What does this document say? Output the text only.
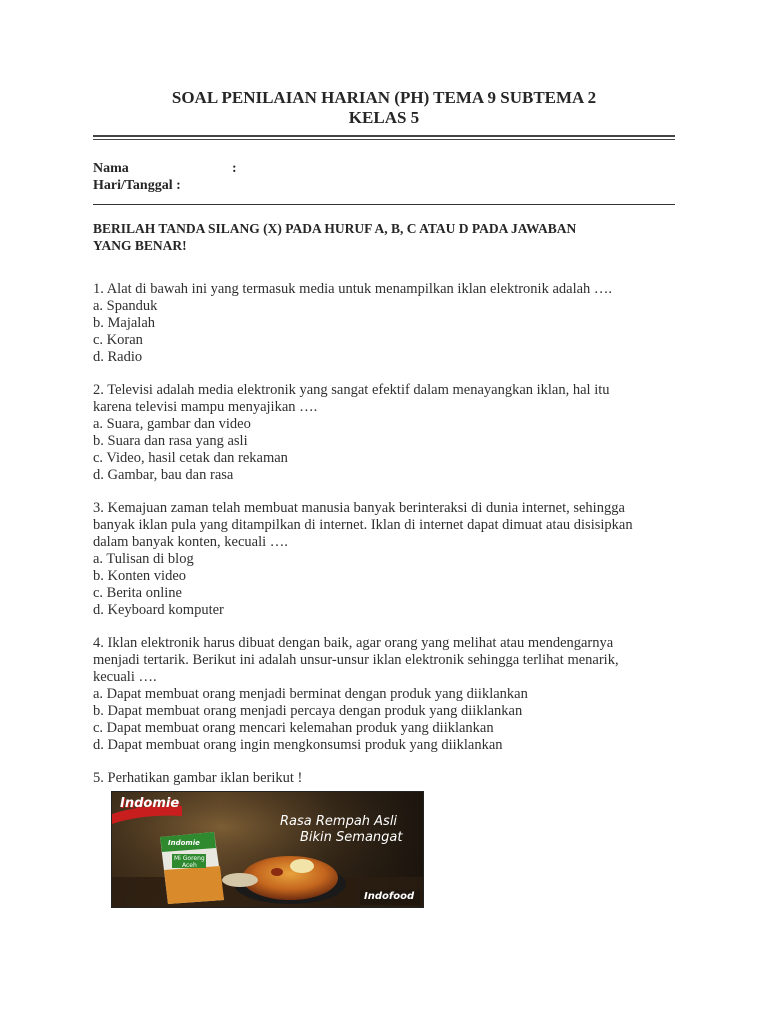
SOAL PENILAIAN HARIAN (PH) TEMA 9 SUBTEMA 2
KELAS 5
Nama	:
Hari/Tanggal :
BERILAH TANDA SILANG (X) PADA HURUF A, B, C ATAU D PADA JAWABAN
YANG BENAR!
1. Alat di bawah ini yang termasuk media untuk menampilkan iklan elektronik adalah ….
a. Spanduk
b. Majalah
c. Koran
d. Radio
2. Televisi adalah media elektronik yang sangat efektif dalam menayangkan iklan, hal itu
karena televisi mampu menyajikan ….
a. Suara, gambar dan video
b. Suara dan rasa yang asli
c. Video, hasil cetak dan rekaman
d. Gambar, bau dan rasa
3. Kemajuan zaman telah membuat manusia banyak berinteraksi di dunia internet, sehingga
banyak iklan pula yang ditampilkan di internet. Iklan di internet dapat dimuat atau disisipkan
dalam banyak konten, kecuali ….
a. Tulisan di blog
b. Konten video
c. Berita online
d. Keyboard komputer
4. Iklan elektronik harus dibuat dengan baik, agar orang yang melihat atau mendengarnya
menjadi tertarik. Berikut ini adalah unsur-unsur iklan elektronik sehingga terlihat menarik,
kecuali ….
a. Dapat membuat orang menjadi berminat dengan produk yang diiklankan
b. Dapat membuat orang menjadi percaya dengan produk yang diiklankan
c. Dapat membuat orang mencari kelemahan produk yang diiklankan
d. Dapat membuat orang ingin mengkonsumsi produk yang diiklankan
5. Perhatikan gambar iklan berikut !
Indomie
Rasa Rempah Asli
Bikin Semangat
Indomie
Mi Goreng
Aceh
Indofood
